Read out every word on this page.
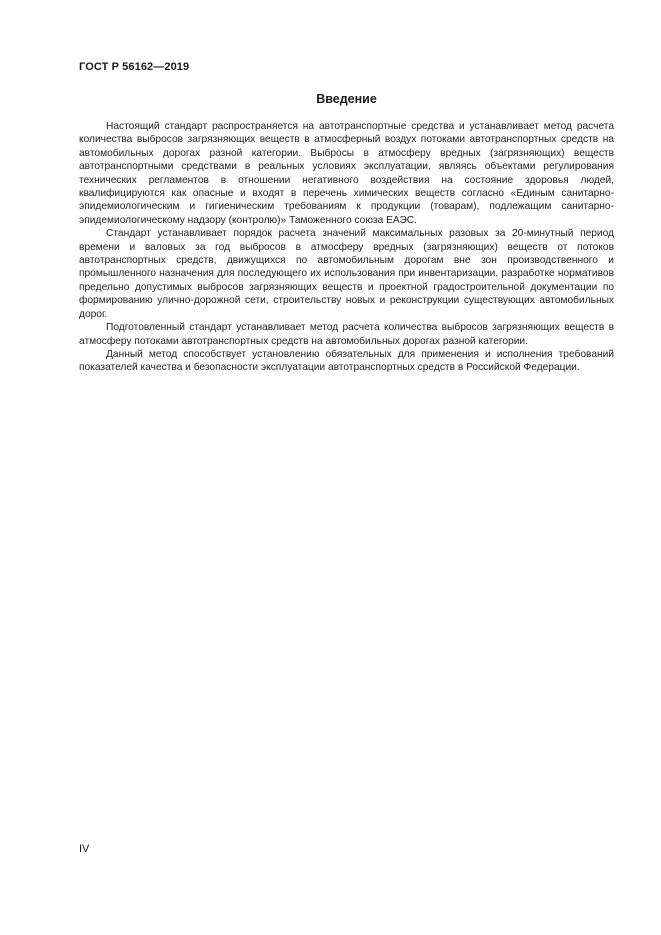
ГОСТ Р 56162—2019
Введение

Настоящий стандарт распространяется на автотранспортные средства и устанавливает метод расчета количества выбросов загрязняющих веществ в атмосферный воздух потоками автотранспортных средств на автомобильных дорогах разной категории. Выбросы в атмосферу вредных (загрязняющих) веществ автотранспортными средствами в реальных условиях эксплуатации, являясь объектами регулирования технических регламентов в отношении негативного воздействия на состояние здоровья людей, квалифицируются как опасные и входят в перечень химических веществ согласно «Единым санитарно-эпидемиологическим и гигиеническим требованиям к продукции (товарам), подлежащим санитарно-эпидемиологическому надзору (контролю)» Таможенного союза ЕАЭС.

Стандарт устанавливает порядок расчета значений максимальных разовых за 20-минутный период времени и валовых за год выбросов в атмосферу вредных (загрязняющих) веществ от потоков автотранспортных средств, движущихся по автомобильным дорогам вне зон производственного и промышленного назначения для последующего их использования при инвентаризации, разработке нормативов предельно допустимых выбросов загрязняющих веществ и проектной градостроительной документации по формированию улично-дорожной сети, строительству новых и реконструкции существующих автомобильных дорог.

Подготовленный стандарт устанавливает метод расчета количества выбросов загрязняющих веществ в атмосферу потоками автотранспортных средств на автомобильных дорогах разной категории.

Данный метод способствует установлению обязательных для применения и исполнения требований показателей качества и безопасности эксплуатации автотранспортных средств в Российской Федерации.

IV
